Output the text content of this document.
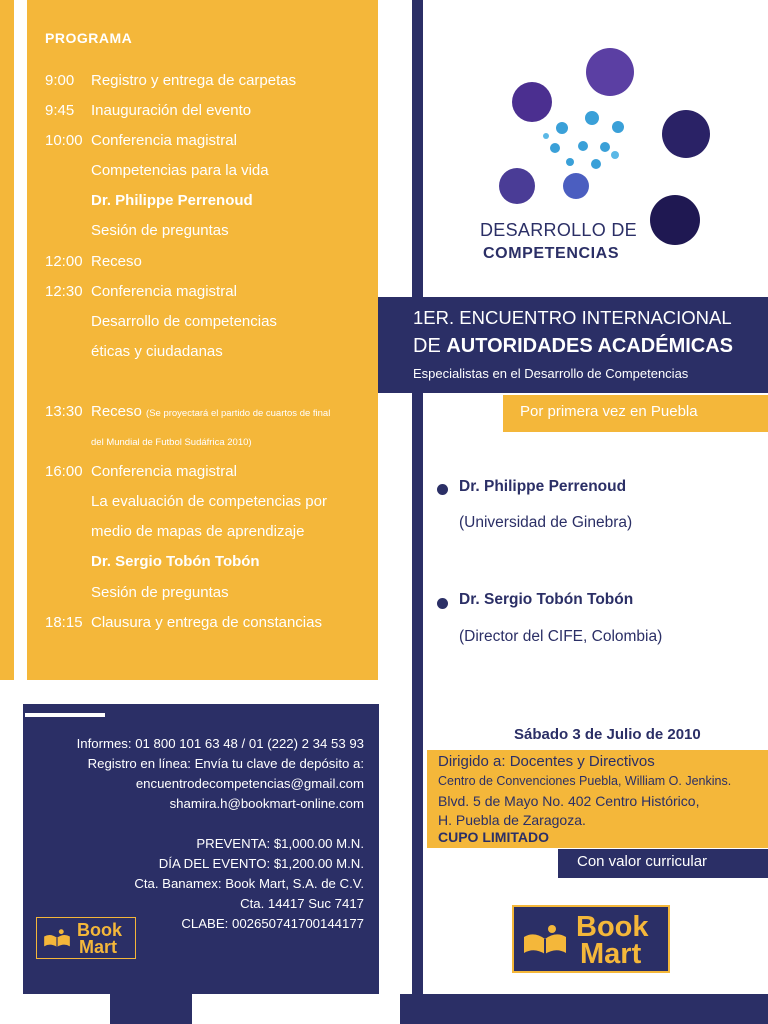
PROGRAMA
9:00 Registro y entrega de carpetas
9:45 Inauguración del evento
10:00 Conferencia magistral
Competencias para la vida
Dr. Philippe Perrenoud
Sesión de preguntas
12:00 Receso
12:30 Conferencia magistral
Desarrollo de competencias
éticas y ciudadanas
13:30 Receso (Se proyectará el partido de cuartos de final
del Mundial de Futbol Sudáfrica 2010)
16:00 Conferencia magistral
La evaluación de competencias por
medio de mapas de aprendizaje
Dr. Sergio Tobón Tobón
Sesión de preguntas
18:15 Clausura y entrega de constancias
DESARROLLO DE
COMPETENCIAS
1ER. ENCUENTRO INTERNACIONAL
DE AUTORIDADES ACADÉMICAS
Especialistas en el Desarrollo de Competencias
Por primera vez en Puebla
Dr. Philippe Perrenoud
(Universidad de Ginebra)
Dr. Sergio Tobón Tobón
(Director del CIFE, Colombia)
Sábado 3 de Julio de 2010
Dirigido a: Docentes y Directivos
Centro de Convenciones Puebla, William O. Jenkins.
Blvd. 5 de Mayo No. 402 Centro Histórico,
H. Puebla de Zaragoza.
CUPO LIMITADO
Con valor curricular
Book
Mart
Informes: 01 800 101 63 48 / 01 (222) 2 34 53 93
Registro en línea: Envía tu clave de depósito a:
encuentrodecompetencias@gmail.com
shamira.h@bookmart-online.com
PREVENTA: $1,000.00 M.N.
DÍA DEL EVENTO: $1,200.00 M.N.
Cta. Banamex: Book Mart, S.A. de C.V.
Cta. 14417 Suc 7417
CLABE: 002650741700144177
Book
Mart
